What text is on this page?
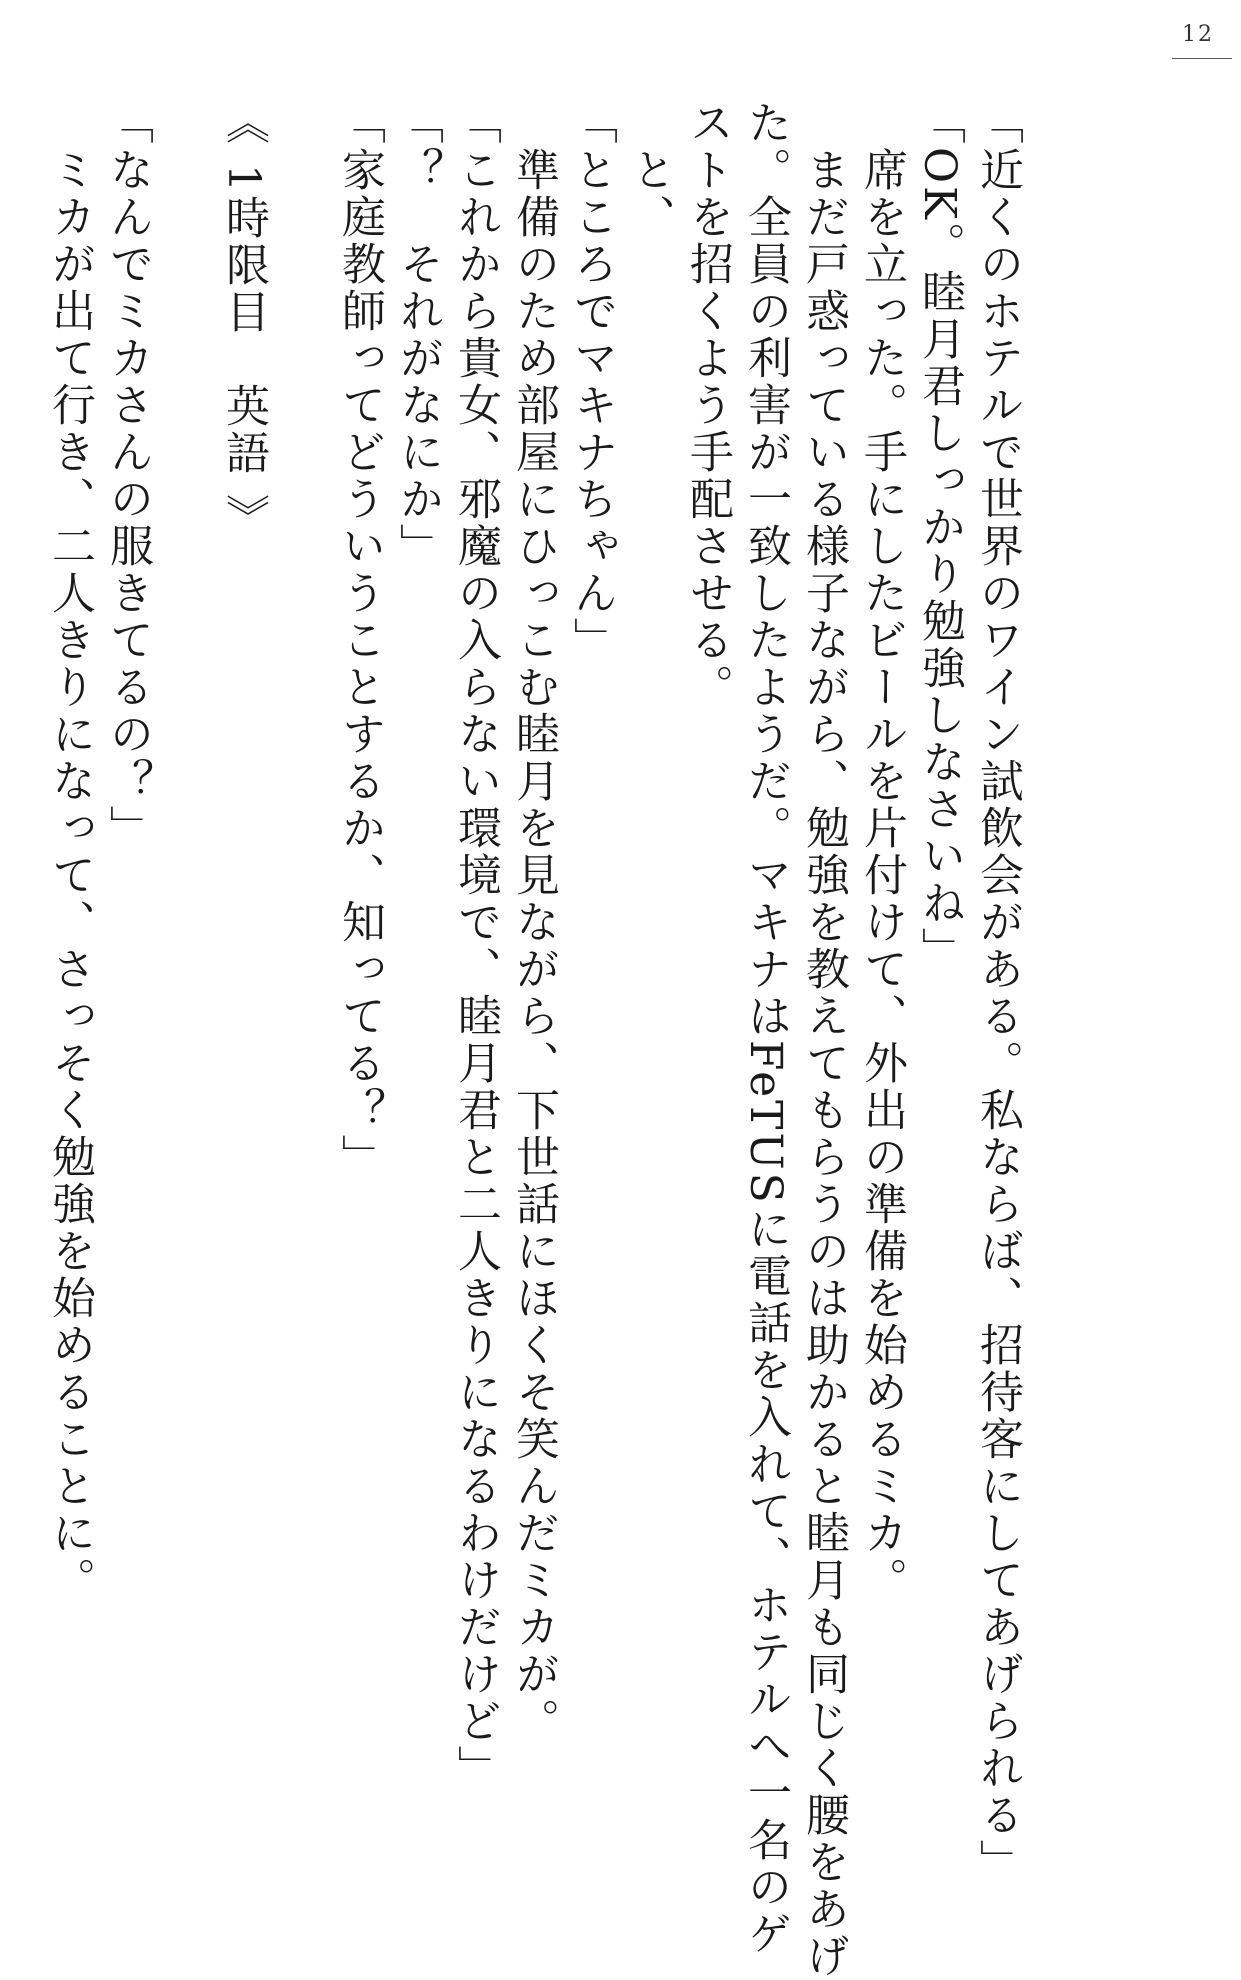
12
「近くのホテルで世界のワイン試飲会がある。私ならば、招待客にしてあげられる」
「OK。睦月君しっかり勉強しなさいね」
　席を立った。手にしたビールを片付けて、外出の準備を始めるミカ。
　まだ戸惑っている様子ながら、勉強を教えてもらうのは助かると睦月も同じく腰をあげ
た。全員の利害が一致したようだ。マキナはFeTUSに電話を入れて、ホテルへ一名のゲ
ストを招くよう手配させる。
　と、
「ところでマキナちゃん」
　準備のため部屋にひっこむ睦月を見ながら、下世話にほくそ笑んだミカが。
「これから貴女、邪魔の入らない環境で、睦月君と二人きりになるわけだけど」
「？　それがなにか」
「家庭教師ってどういうことするか、知ってる？」
《 1時限目　英語 》
「なんでミカさんの服きてるの？」
　ミカが出て行き、二人きりになって、さっそく勉強を始めることに。
